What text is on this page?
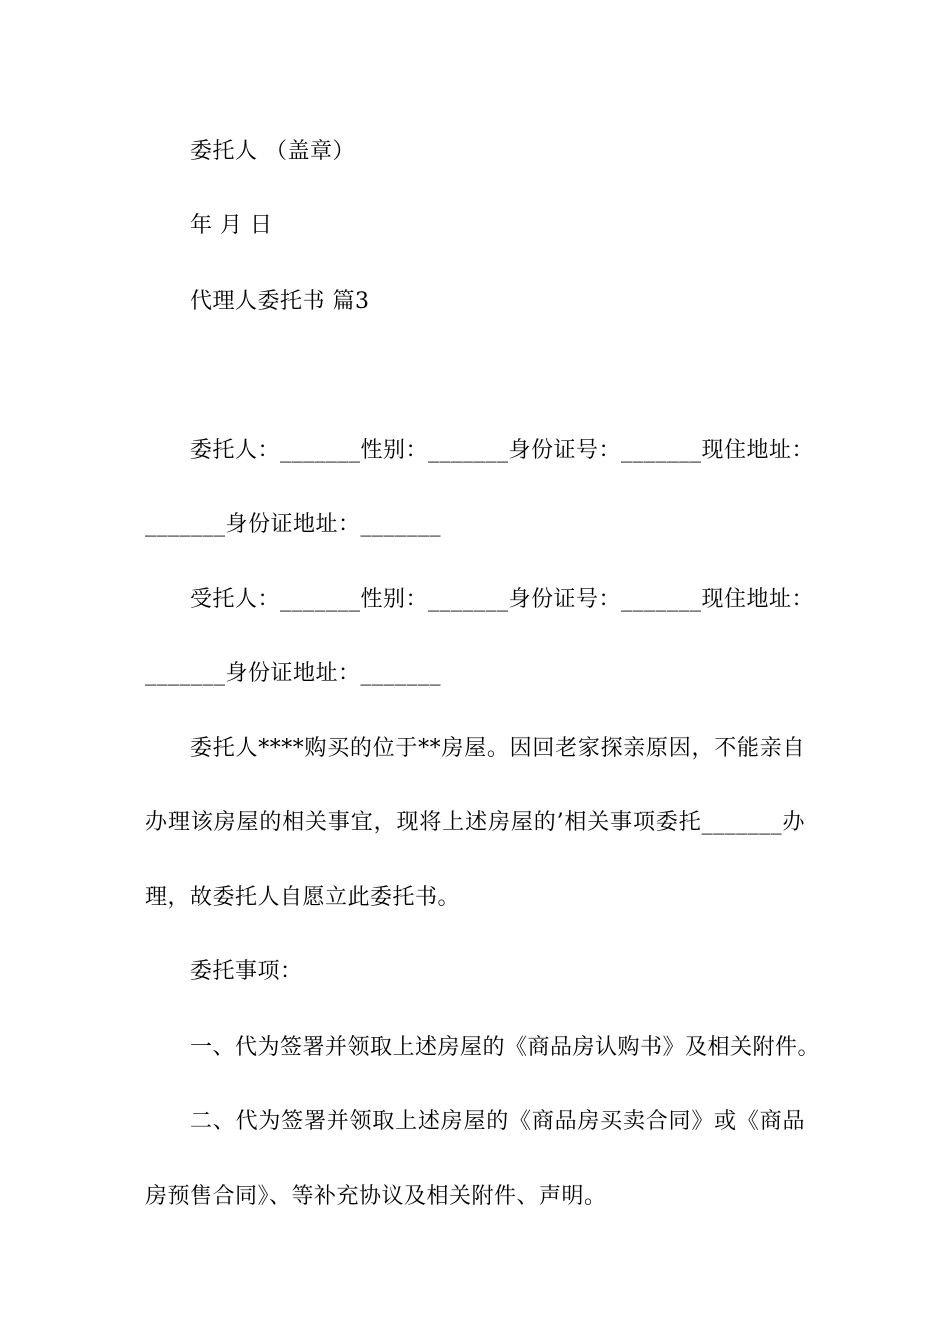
委托人 （盖章）
年 月 日
代理人委托书 篇3
委托人：_______性别：_______身份证号：_______现住地址：
_______身份证地址：_______
受托人：_______性别：_______身份证号：_______现住地址：
_______身份证地址：_______
委托人****购买的位于**房屋。因回老家探亲原因，不能亲自
办理该房屋的相关事宜，现将上述房屋的’相关事项委托_______办
理，故委托人自愿立此委托书。
委托事项：
一、代为签署并领取上述房屋的《商品房认购书》及相关附件。
二、代为签署并领取上述房屋的《商品房买卖合同》或《商品
房预售合同》、等补充协议及相关附件、声明。
